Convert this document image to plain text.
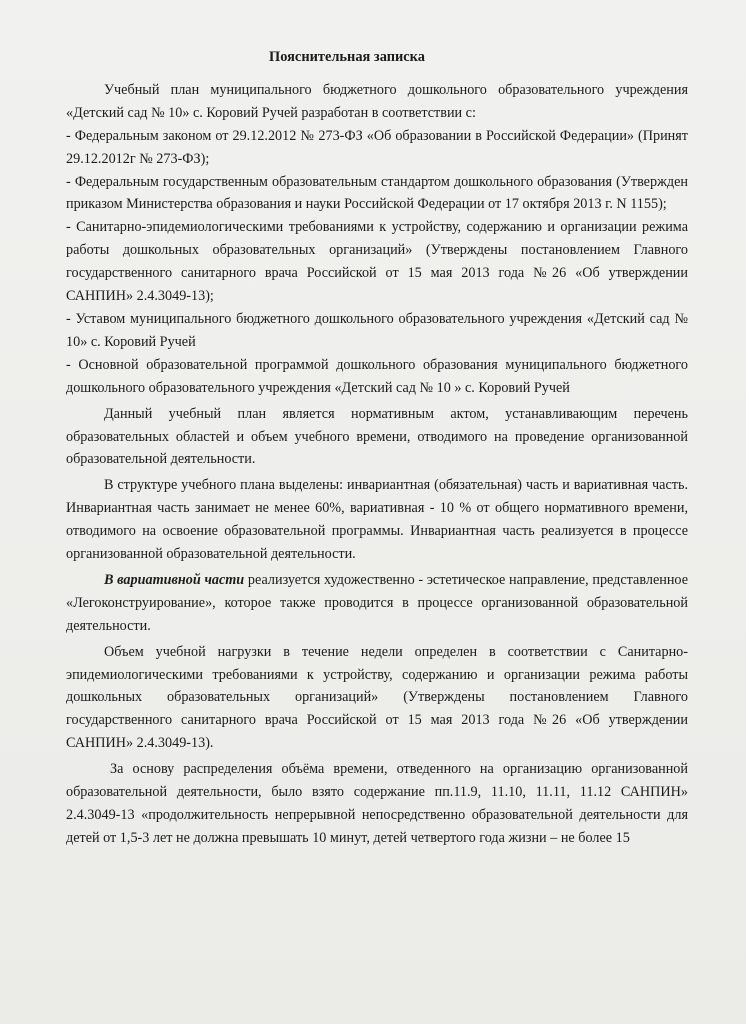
Пояснительная записка

Учебный план муниципального бюджетного дошкольного образовательного учреждения «Детский сад № 10» с. Коровий Ручей разработан в соответствии с:

- Федеральным законом от 29.12.2012 № 273-ФЗ «Об образовании в Российской Федерации» (Принят 29.12.2012г № 273-ФЗ);

- Федеральным государственным образовательным стандартом дошкольного образования (Утвержден приказом Министерства образования и науки Российской Федерации от 17 октября 2013 г. N 1155);

- Санитарно-эпидемиологическими требованиями к устройству, содержанию и организации режима работы дошкольных образовательных организаций» (Утверждены постановлением Главного государственного санитарного врача Российской от 15 мая 2013 года №26 «Об утверждении САНПИН» 2.4.3049-13);

- Уставом муниципального бюджетного дошкольного образовательного учреждения «Детский сад № 10» с. Коровий Ручей

- Основной образовательной программой дошкольного образования муниципального бюджетного дошкольного образовательного учреждения «Детский сад № 10 » с. Коровий Ручей

Данный учебный план является нормативным актом, устанавливающим перечень образовательных областей и объем учебного времени, отводимого на проведение организованной образовательной деятельности.

В структуре учебного плана выделены: инвариантная (обязательная) часть и вариативная часть. Инвариантная часть занимает не менее 60%, вариативная - 10 % от общего нормативного времени, отводимого на освоение образовательной программы. Инвариантная часть реализуется в процессе организованной образовательной деятельности.

В вариативной части реализуется художественно - эстетическое направление, представленное «Легоконструирование», которое также проводится в процессе организованной образовательной деятельности.

Объем учебной нагрузки в течение недели определен в соответствии с Санитарно-эпидемиологическими требованиями к устройству, содержанию и организации режима работы дошкольных образовательных организаций» (Утверждены постановлением Главного государственного санитарного врача Российской от 15 мая 2013 года №26 «Об утверждении САНПИН» 2.4.3049-13).

За основу распределения объёма времени, отведенного на организацию организованной образовательной деятельности, было взято содержание пп.11.9, 11.10, 11.11, 11.12 САНПИН» 2.4.3049-13 «продолжительность непрерывной непосредственно образовательной деятельности для детей от 1,5-3 лет не должна превышать 10 минут, детей четвертого года жизни – не более 15
